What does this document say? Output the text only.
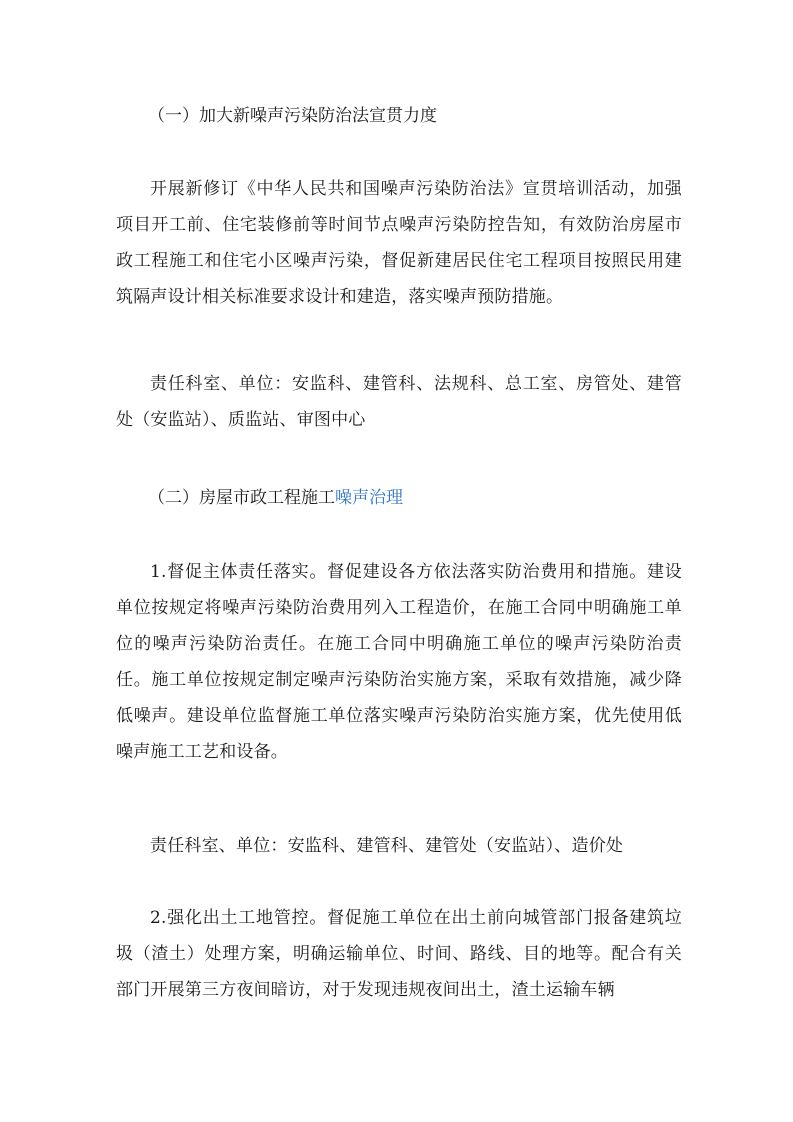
（一）加大新噪声污染防治法宣贯力度

开展新修订《中华人民共和国噪声污染防治法》宣贯培训活动，加强项目开工前、住宅装修前等时间节点噪声污染防控告知，有效防治房屋市政工程施工和住宅小区噪声污染，督促新建居民住宅工程项目按照民用建筑隔声设计相关标准要求设计和建造，落实噪声预防措施。

责任科室、单位：安监科、建管科、法规科、总工室、房管处、建管处（安监站）、质监站、审图中心

（二）房屋市政工程施工噪声治理

1.督促主体责任落实。督促建设各方依法落实防治费用和措施。建设单位按规定将噪声污染防治费用列入工程造价，在施工合同中明确施工单位的噪声污染防治责任。在施工合同中明确施工单位的噪声污染防治责任。施工单位按规定制定噪声污染防治实施方案，采取有效措施，减少降低噪声。建设单位监督施工单位落实噪声污染防治实施方案，优先使用低噪声施工工艺和设备。

责任科室、单位：安监科、建管科、建管处（安监站）、造价处

2.强化出土工地管控。督促施工单位在出土前向城管部门报备建筑垃圾（渣土）处理方案，明确运输单位、时间、路线、目的地等。配合有关部门开展第三方夜间暗访，对于发现违规夜间出土，渣土运输车辆
